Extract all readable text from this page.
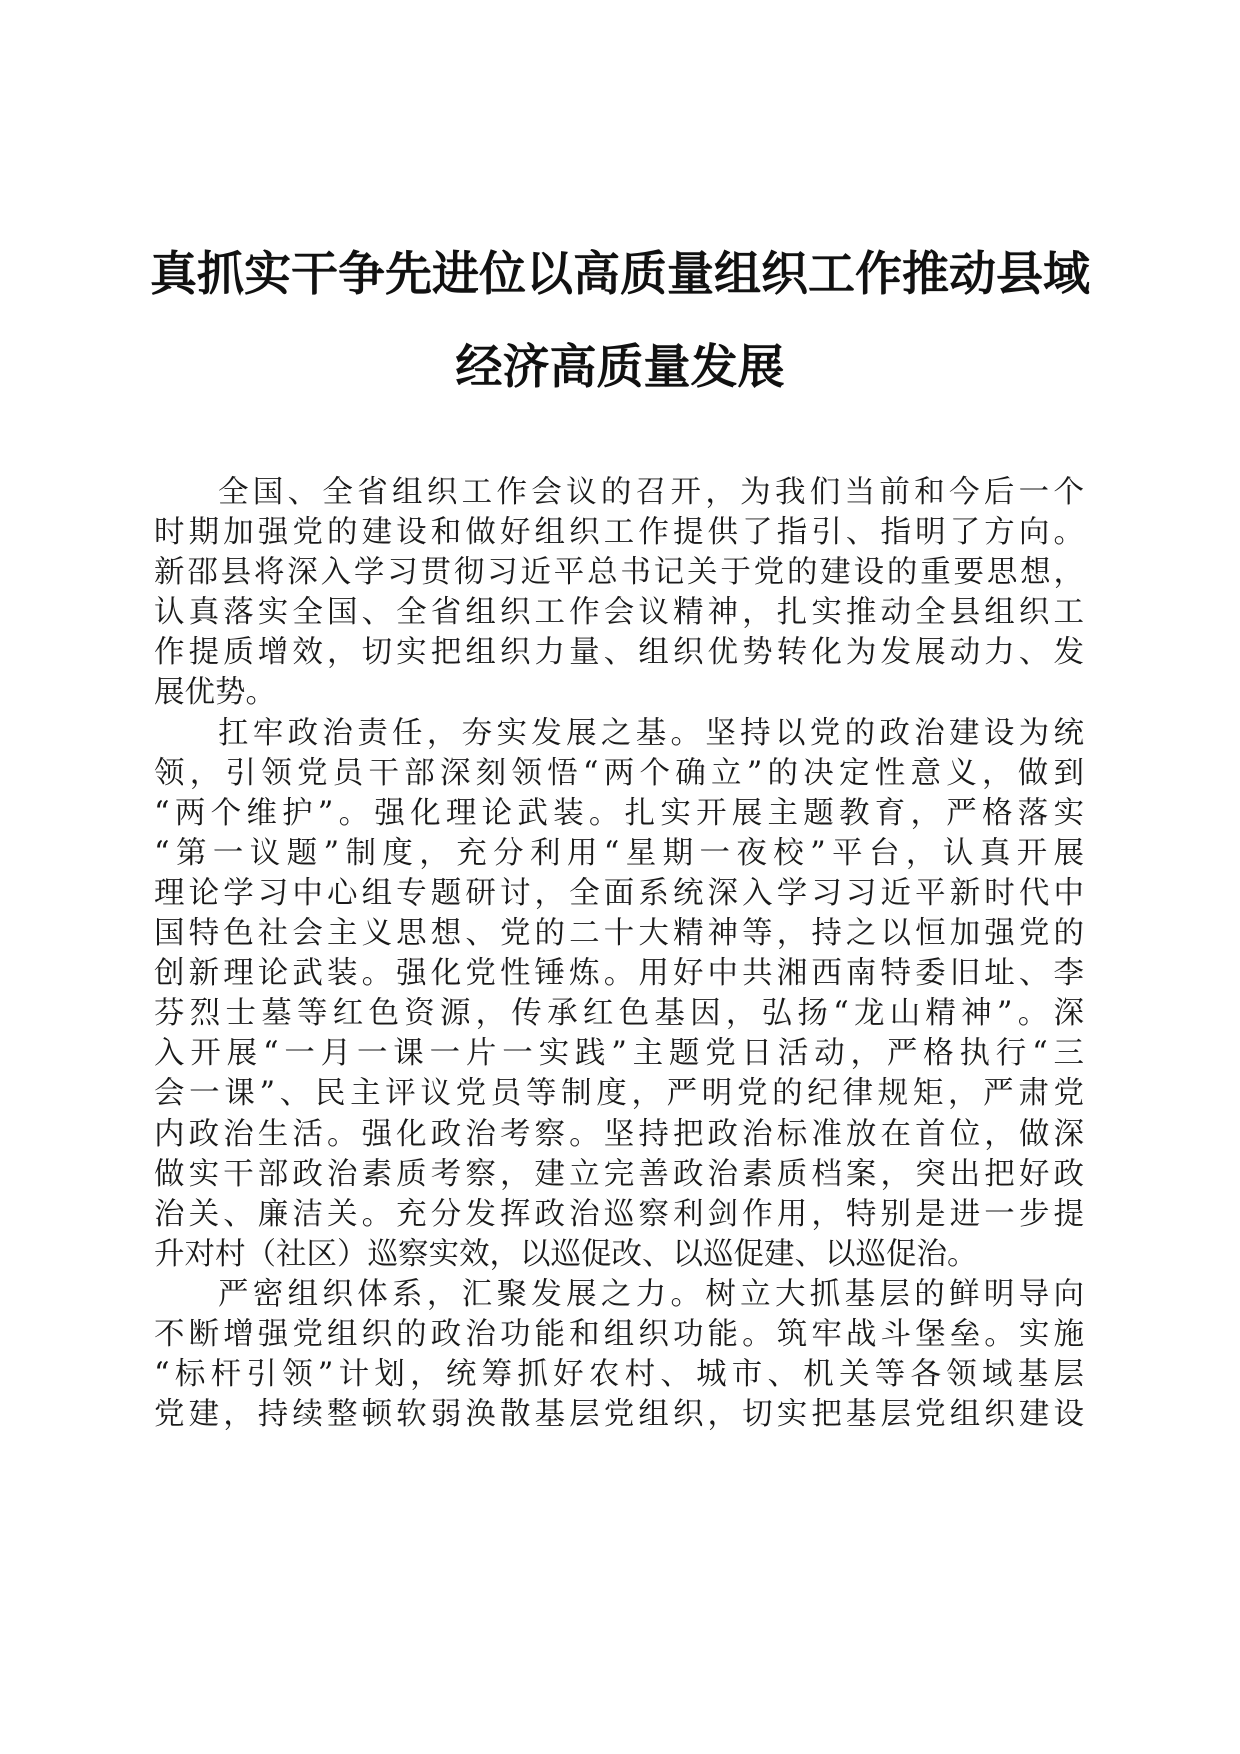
真抓实干争先进位以高质量组织工作推动县域
经济高质量发展
全国、全省组织工作会议的召开，为我们当前和今后一个
时期加强党的建设和做好组织工作提供了指引、指明了方向。
新邵县将深入学习贯彻习近平总书记关于党的建设的重要思想，
认真落实全国、全省组织工作会议精神，扎实推动全县组织工
作提质增效，切实把组织力量、组织优势转化为发展动力、发
展优势。
扛牢政治责任，夯实发展之基。坚持以党的政治建设为统
领，引领党员干部深刻领悟“两个确立”的决定性意义，做到
“两个维护”。强化理论武装。扎实开展主题教育，严格落实
“第一议题”制度，充分利用“星期一夜校”平台，认真开展
理论学习中心组专题研讨，全面系统深入学习习近平新时代中
国特色社会主义思想、党的二十大精神等，持之以恒加强党的
创新理论武装。强化党性锤炼。用好中共湘西南特委旧址、李
芬烈士墓等红色资源，传承红色基因，弘扬“龙山精神”。深
入开展“一月一课一片一实践”主题党日活动，严格执行“三
会一课”、民主评议党员等制度，严明党的纪律规矩，严肃党
内政治生活。强化政治考察。坚持把政治标准放在首位，做深
做实干部政治素质考察，建立完善政治素质档案，突出把好政
治关、廉洁关。充分发挥政治巡察利剑作用，特别是进一步提
升对村（社区）巡察实效，以巡促改、以巡促建、以巡促治。
严密组织体系，汇聚发展之力。树立大抓基层的鲜明导向
不断增强党组织的政治功能和组织功能。筑牢战斗堡垒。实施
“标杆引领”计划，统筹抓好农村、城市、机关等各领域基层
党建，持续整顿软弱涣散基层党组织，切实把基层党组织建设
